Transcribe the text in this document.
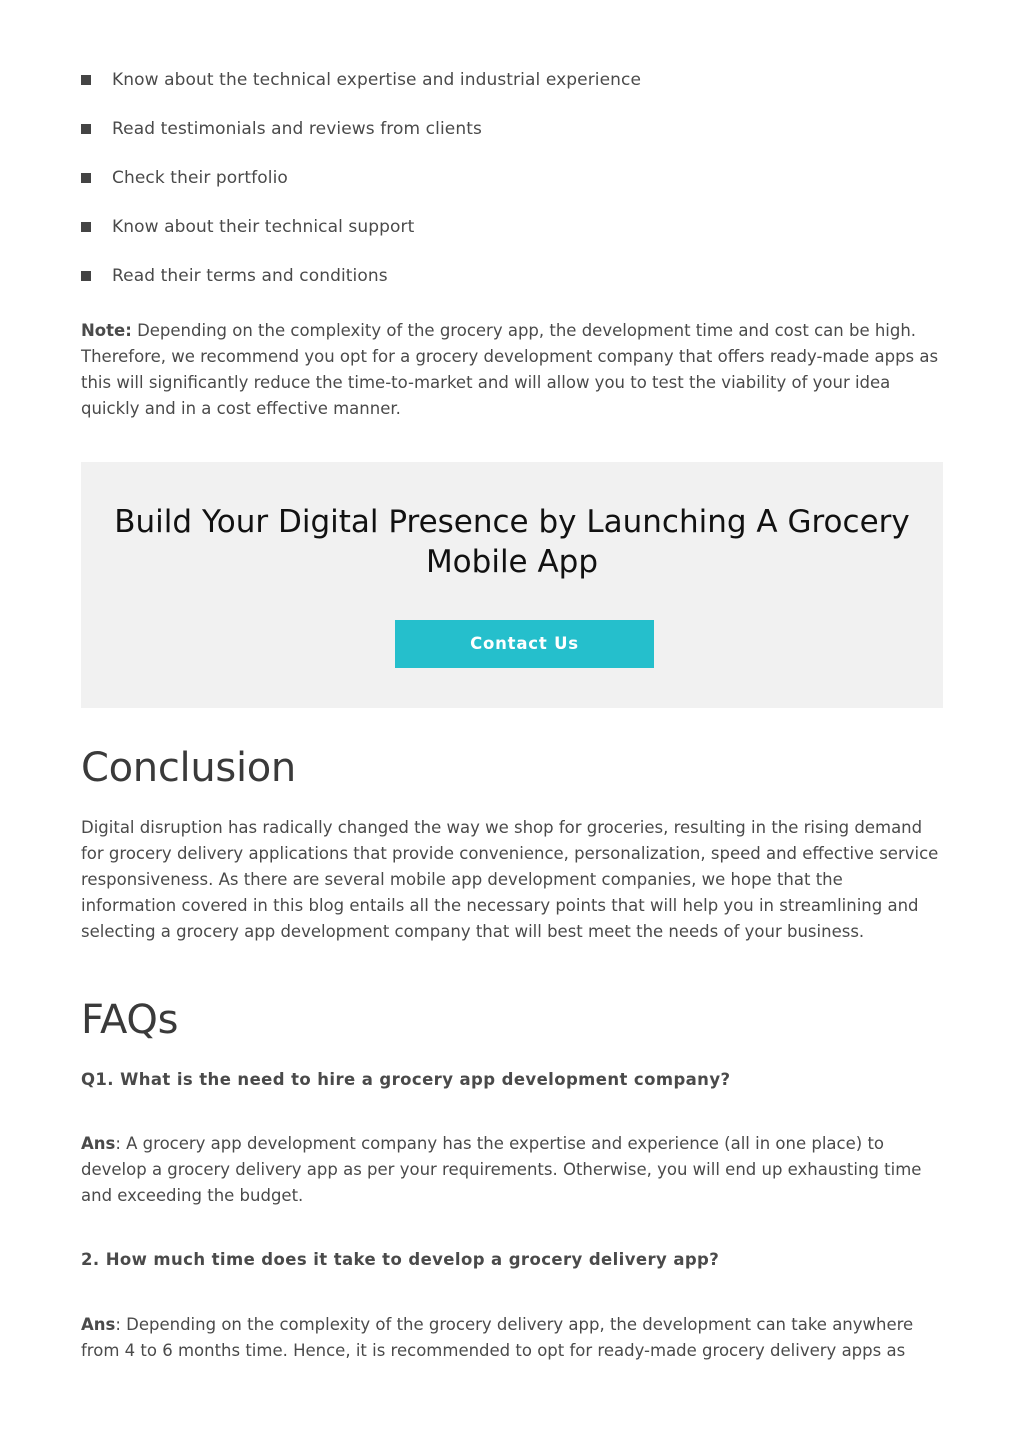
Know about the technical expertise and industrial experience
Read testimonials and reviews from clients
Check their portfolio
Know about their technical support
Read their terms and conditions

Note: Depending on the complexity of the grocery app, the development time and cost can be high. Therefore, we recommend you opt for a grocery development company that offers ready-made apps as this will significantly reduce the time-to-market and will allow you to test the viability of your idea quickly and in a cost effective manner.

Build Your Digital Presence by Launching A Grocery Mobile App
Contact Us
Conclusion

Digital disruption has radically changed the way we shop for groceries, resulting in the rising demand for grocery delivery applications that provide convenience, personalization, speed and effective service responsiveness. As there are several mobile app development companies, we hope that the information covered in this blog entails all the necessary points that will help you in streamlining and selecting a grocery app development company that will best meet the needs of your business.

FAQs

Q1. What is the need to hire a grocery app development company?

Ans: A grocery app development company has the expertise and experience (all in one place) to develop a grocery delivery app as per your requirements. Otherwise, you will end up exhausting time and exceeding the budget.

2. How much time does it take to develop a grocery delivery app?

Ans: Depending on the complexity of the grocery delivery app, the development can take anywhere from 4 to 6 months time. Hence, it is recommended to opt for ready-made grocery delivery apps as
